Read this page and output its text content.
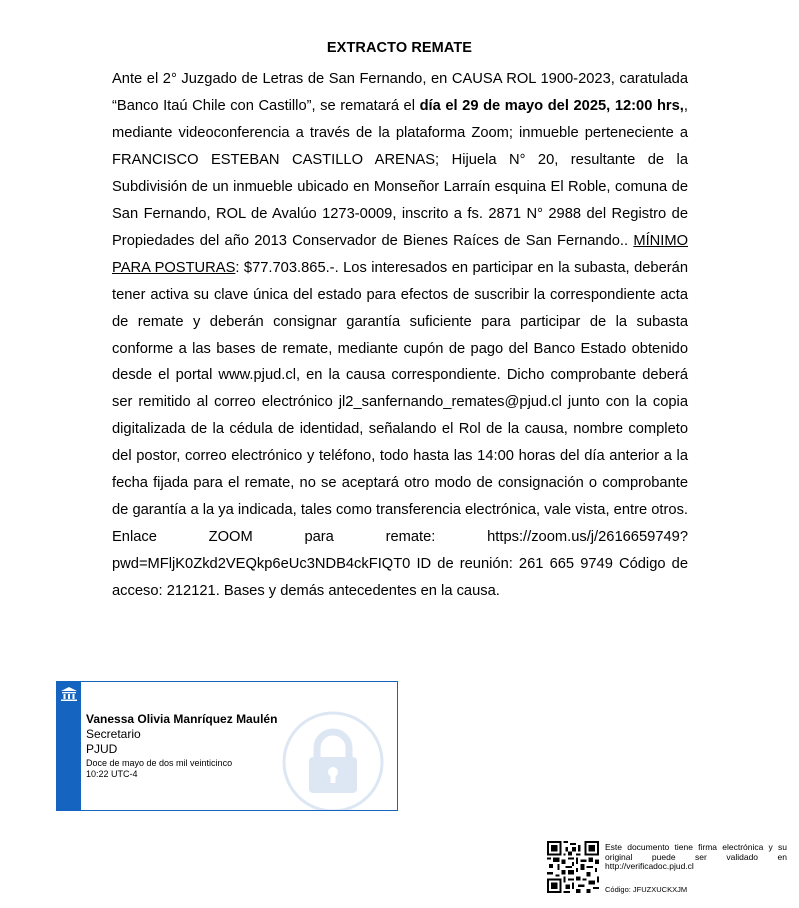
EXTRACTO REMATE

Ante el 2° Juzgado de Letras de San Fernando, en CAUSA ROL 1900-2023, caratulada “Banco Itaú Chile con Castillo”, se rematará el día el 29 de mayo del 2025, 12:00 hrs,, mediante videoconferencia a través de la plataforma Zoom; inmueble perteneciente a FRANCISCO ESTEBAN CASTILLO ARENAS; Hijuela N° 20, resultante de la Subdivisión de un inmueble ubicado en Monseñor Larraín esquina El Roble, comuna de San Fernando, ROL de Avalúo 1273-0009, inscrito a fs. 2871 N° 2988 del Registro de Propiedades del año 2013 Conservador de Bienes Raíces de San Fernando.. MÍNIMO PARA POSTURAS: $77.703.865.-. Los interesados en participar en la subasta, deberán tener activa su clave única del estado para efectos de suscribir la correspondiente acta de remate y deberán consignar garantía suficiente para participar de la subasta conforme a las bases de remate, mediante cupón de pago del Banco Estado obtenido desde el portal www.pjud.cl, en la causa correspondiente. Dicho comprobante deberá ser remitido al correo electrónico jl2_sanfernando_remates@pjud.cl junto con la copia digitalizada de la cédula de identidad, señalando el Rol de la causa, nombre completo del postor, correo electrónico y teléfono, todo hasta las 14:00 horas del día anterior a la fecha fijada para el remate, no se aceptará otro modo de consignación o comprobante de garantía a la ya indicada, tales como transferencia electrónica, vale vista, entre otros. Enlace ZOOM para remate: https://zoom.us/j/2616659749?pwd=MFljK0Zkd2VEQkp6eUc3NDB4ckFIQT0 ID de reunión: 261 665 9749 Código de acceso: 212121. Bases y demás antecedentes en la causa.

Vanessa Olivia Manríquez Maulén
Secretario
PJUD
Doce de mayo de dos mil veinticinco
10:22 UTC-4
Este documento tiene firma electrónica y su original puede ser validado en http://verificadoc.pjud.cl
Código: JFUZXUCKXJM
